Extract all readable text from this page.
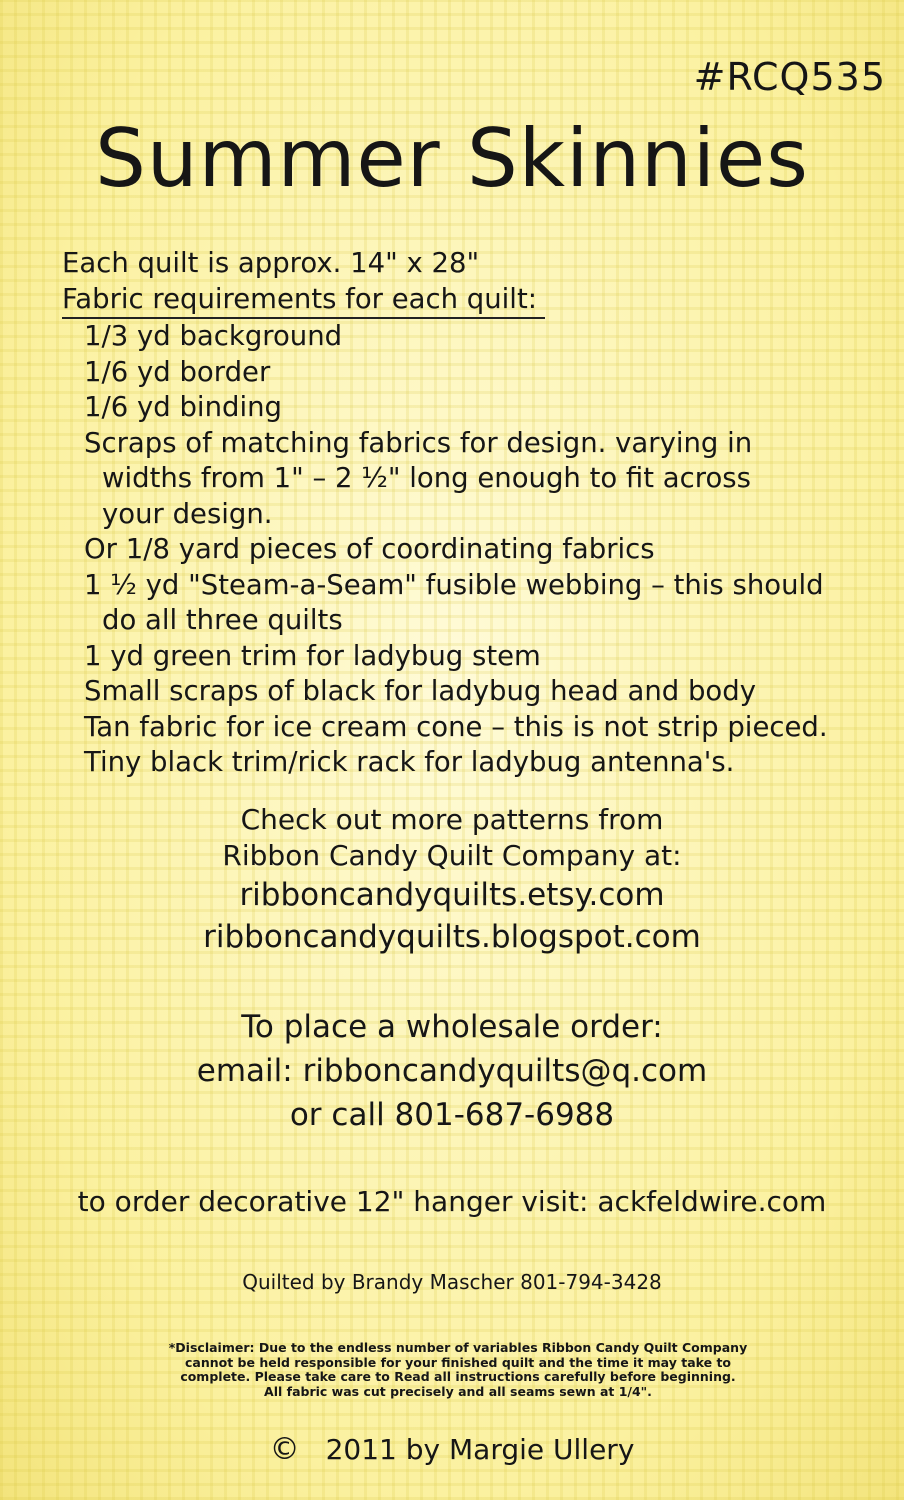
#RCQ535
Summer Skinnies
Each quilt is approx. 14" x 28"
Fabric requirements for each quilt:
1/3 yd background
1/6 yd border
1/6 yd binding
Scraps of matching fabrics for design. varying in
widths from 1" – 2 ½" long enough to fit across
your design.
Or 1/8 yard pieces of coordinating fabrics
1 ½ yd "Steam-a-Seam" fusible webbing – this should
do all three quilts
1 yd green trim for ladybug stem
Small scraps of black for ladybug head and body
Tan fabric for ice cream cone – this is not strip pieced.
Tiny black trim/rick rack for ladybug antenna's.
Check out more patterns from
Ribbon Candy Quilt Company at:
ribboncandyquilts.etsy.com
ribboncandyquilts.blogspot.com
To place a wholesale order:
email: ribboncandyquilts@q.com
or call 801-687-6988
to order decorative 12" hanger visit: ackfeldwire.com
Quilted by Brandy Mascher 801-794-3428
*Disclaimer: Due to the endless number of variables Ribbon Candy Quilt Company
cannot be held responsible for your finished quilt and the time it may take to
complete. Please take care to Read all instructions carefully before beginning.
All fabric was cut precisely and all seams sewn at 1/4".
© 2011 by Margie Ullery
